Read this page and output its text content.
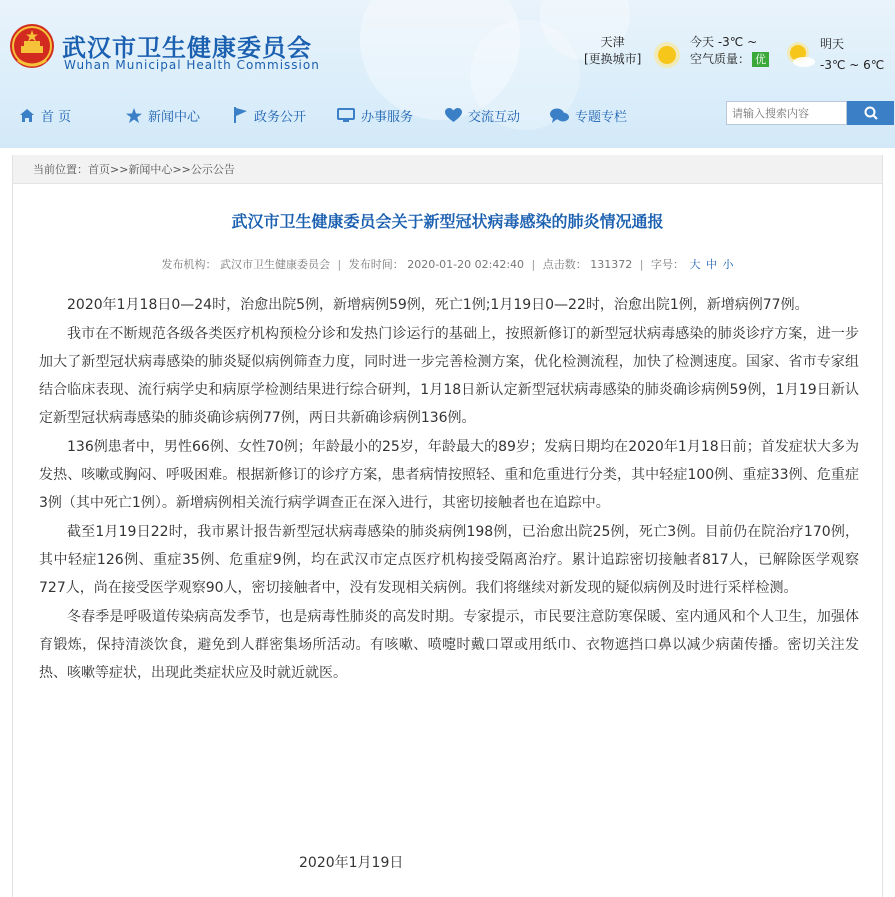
武汉市卫生健康委员会
Wuhan Municipal Health Commission
天津
[更换城市]
今天 -3℃ ~
空气质量： 优
明天
-3℃ ~ 6℃
首 页	新闻中心	政务公开	办事服务	交流互动	专题专栏
请输入搜索内容
当前位置：首页>>新闻中心>>公示公告
武汉市卫生健康委员会关于新型冠状病毒感染的肺炎情况通报
发布机构： 武汉市卫生健康委员会 | 发布时间： 2020-01-20 02:42:40 | 点击数： 131372 | 字号： 大 中 小

2020年1月18日0—24时，治愈出院5例，新增病例59例，死亡1例;1月19日0—22时，治愈出院1例，新增病例77例。

我市在不断规范各级各类医疗机构预检分诊和发热门诊运行的基础上，按照新修订的新型冠状病毒感染的肺炎诊疗方案，进一步加大了新型冠状病毒感染的肺炎疑似病例筛查力度，同时进一步完善检测方案，优化检测流程，加快了检测速度。国家、省市专家组结合临床表现、流行病学史和病原学检测结果进行综合研判，1月18日新认定新型冠状病毒感染的肺炎确诊病例59例，1月19日新认定新型冠状病毒感染的肺炎确诊病例77例，两日共新确诊病例136例。

136例患者中，男性66例、女性70例；年龄最小的25岁，年龄最大的89岁；发病日期均在2020年1月18日前；首发症状大多为发热、咳嗽或胸闷、呼吸困难。根据新修订的诊疗方案，患者病情按照轻、重和危重进行分类，其中轻症100例、重症33例、危重症3例（其中死亡1例）。新增病例相关流行病学调查正在深入进行，其密切接触者也在追踪中。

截至1月19日22时，我市累计报告新型冠状病毒感染的肺炎病例198例，已治愈出院25例，死亡3例。目前仍在院治疗170例，其中轻症126例、重症35例、危重症9例，均在武汉市定点医疗机构接受隔离治疗。累计追踪密切接触者817人，已解除医学观察727人，尚在接受医学观察90人，密切接触者中，没有发现相关病例。我们将继续对新发现的疑似病例及时进行采样检测。

冬春季是呼吸道传染病高发季节，也是病毒性肺炎的高发时期。专家提示，市民要注意防寒保暖、室内通风和个人卫生，加强体育锻炼，保持清淡饮食，避免到人群密集场所活动。有咳嗽、喷嚏时戴口罩或用纸巾、衣物遮挡口鼻以减少病菌传播。密切关注发热、咳嗽等症状，出现此类症状应及时就近就医。

2020年1月19日
